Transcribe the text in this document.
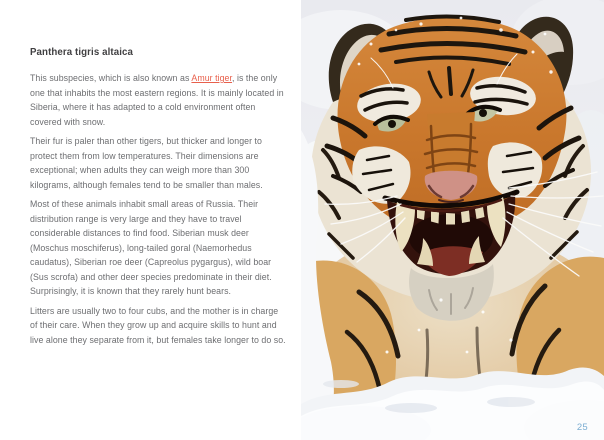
Panthera tigris altaica

This subspecies, which is also known as Amur tiger, is the only one that inhabits the most eastern regions. It is mainly located in Siberia, where it has adapted to a cold environment often covered with snow.

Their fur is paler than other tigers, but thicker and longer to protect them from low temperatures. Their dimensions are exceptional; when adults they can weigh more than 300 kilograms, although females tend to be smaller than males.

Most of these animals inhabit small areas of Russia. Their distribution range is very large and they have to travel considerable distances to find food. Siberian musk deer (Moschus moschiferus), long-tailed goral (Naemorhedus caudatus), Siberian roe deer (Capreolus pygargus), wild boar (Sus scrofa) and other deer species predominate in their diet. Surprisingly, it is known that they rarely hunt bears.

Litters are usually two to four cubs, and the mother is in charge of their care. When they grow up and acquire skills to hunt and live alone they separate from it, but females take longer to do so.

25
